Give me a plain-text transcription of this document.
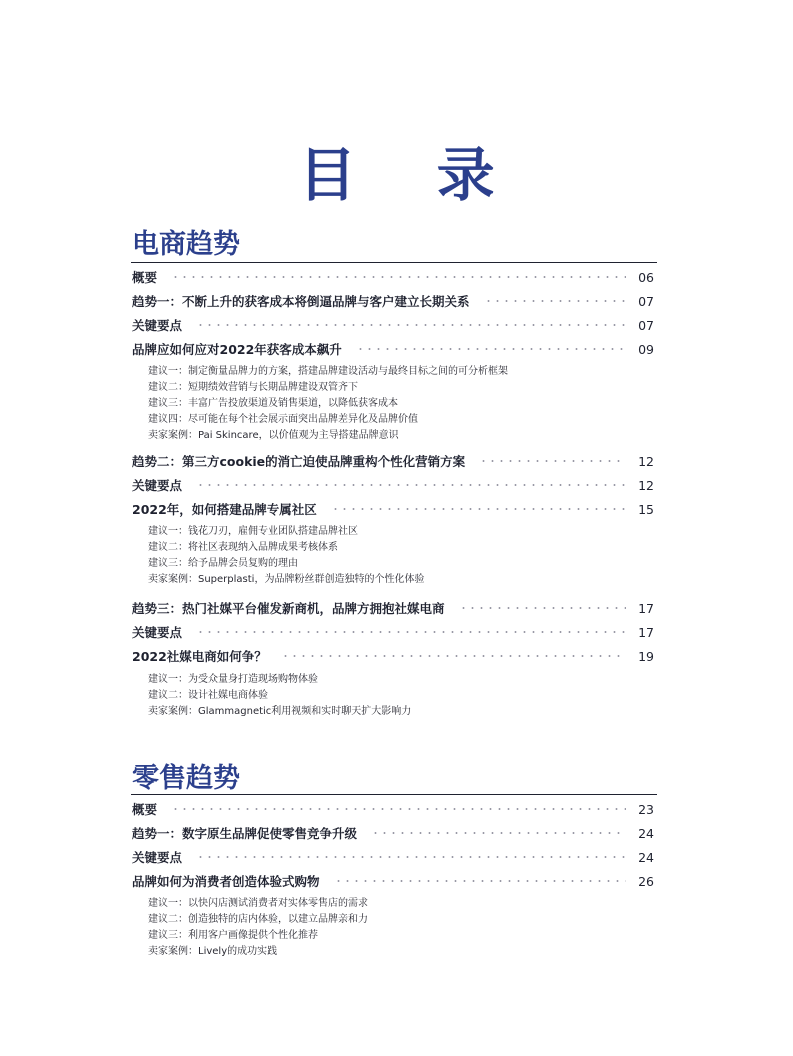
目 录
电商趋势
概要	06
趋势一：不断上升的获客成本将倒逼品牌与客户建立长期关系	07
关键要点	07
品牌应如何应对2022年获客成本飙升	09
建议一：制定衡量品牌力的方案，搭建品牌建设活动与最终目标之间的可分析框架
建议二：短期绩效营销与长期品牌建设双管齐下
建议三：丰富广告投放渠道及销售渠道，以降低获客成本
建议四：尽可能在每个社会展示面突出品牌差异化及品牌价值
卖家案例：Pai Skincare，以价值观为主导搭建品牌意识
趋势二：第三方cookie的消亡迫使品牌重构个性化营销方案	12
关键要点	12
2022年，如何搭建品牌专属社区	15
建议一：钱花刀刃，雇佣专业团队搭建品牌社区
建议二：将社区表现纳入品牌成果考核体系
建议三：给予品牌会员复购的理由
卖家案例：Superplasti，为品牌粉丝群创造独特的个性化体验
趋势三：热门社媒平台催发新商机，品牌方拥抱社媒电商	17
关键要点	17
2022社媒电商如何争？	19
建议一：为受众量身打造现场购物体验
建议二：设计社媒电商体验
卖家案例：Glammagnetic利用视频和实时聊天扩大影响力
零售趋势
概要	23
趋势一：数字原生品牌促使零售竞争升级	24
关键要点	24
品牌如何为消费者创造体验式购物	26
建议一：以快闪店测试消费者对实体零售店的需求
建议二：创造独特的店内体验，以建立品牌亲和力
建议三：利用客户画像提供个性化推荐
卖家案例：Lively的成功实践
